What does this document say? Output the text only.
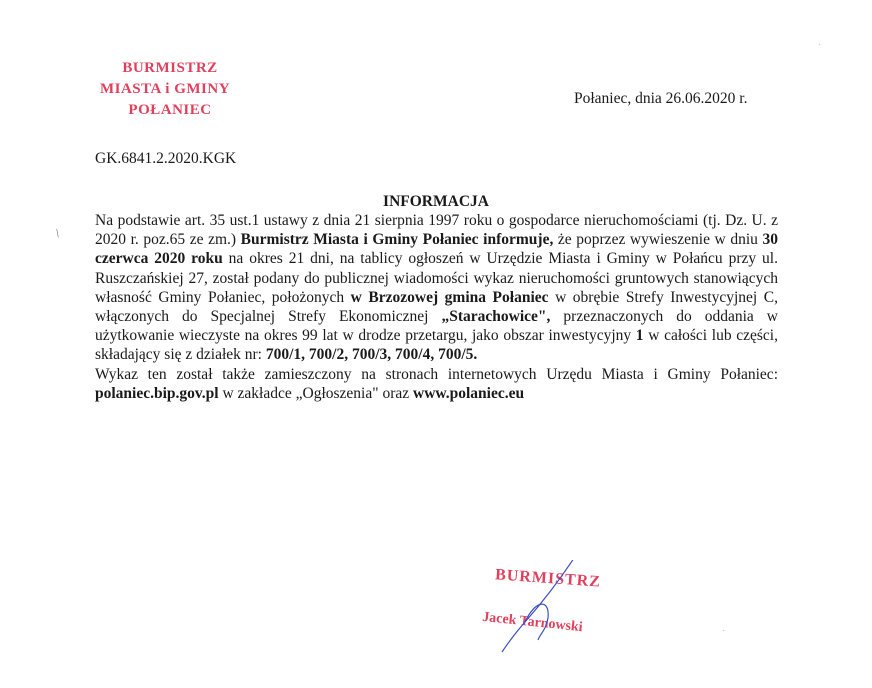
BURMISTRZ
MIASTA i GMINY
POŁANIEC
Połaniec, dnia 26.06.2020 r.
GK.6841.2.2020.KGK
/
INFORMACJA
Na podstawie art. 35 ust.1 ustawy z dnia 21 sierpnia 1997 roku o gospodarce nieruchomościami (tj. Dz. U. z 2020 r. poz.65 ze zm.) Burmistrz Miasta i Gminy Połaniec informuje, że poprzez wywieszenie w dniu 30 czerwca 2020 roku na okres 21 dni, na tablicy ogłoszeń w Urzędzie Miasta i Gminy w Połańcu przy ul. Ruszczańskiej 27, został podany do publicznej wiadomości wykaz nieruchomości gruntowych stanowiących własność Gminy Połaniec, położonych w Brzozowej gmina Połaniec w obrębie Strefy Inwestycyjnej C, włączonych do Specjalnej Strefy Ekonomicznej „Starachowice", przeznaczonych do oddania w użytkowanie wieczyste na okres 99 lat w drodze przetargu, jako obszar inwestycyjny 1 w całości lub części, składający się z działek nr: 700/1, 700/2, 700/3, 700/4, 700/5.
Wykaz ten został także zamieszczony na stronach internetowych Urzędu Miasta i Gminy Połaniec: polaniec.bip.gov.pl w zakładce „Ogłoszenia" oraz www.polaniec.eu
BURMISTRZ
Jacek Tarnowski	·
·
